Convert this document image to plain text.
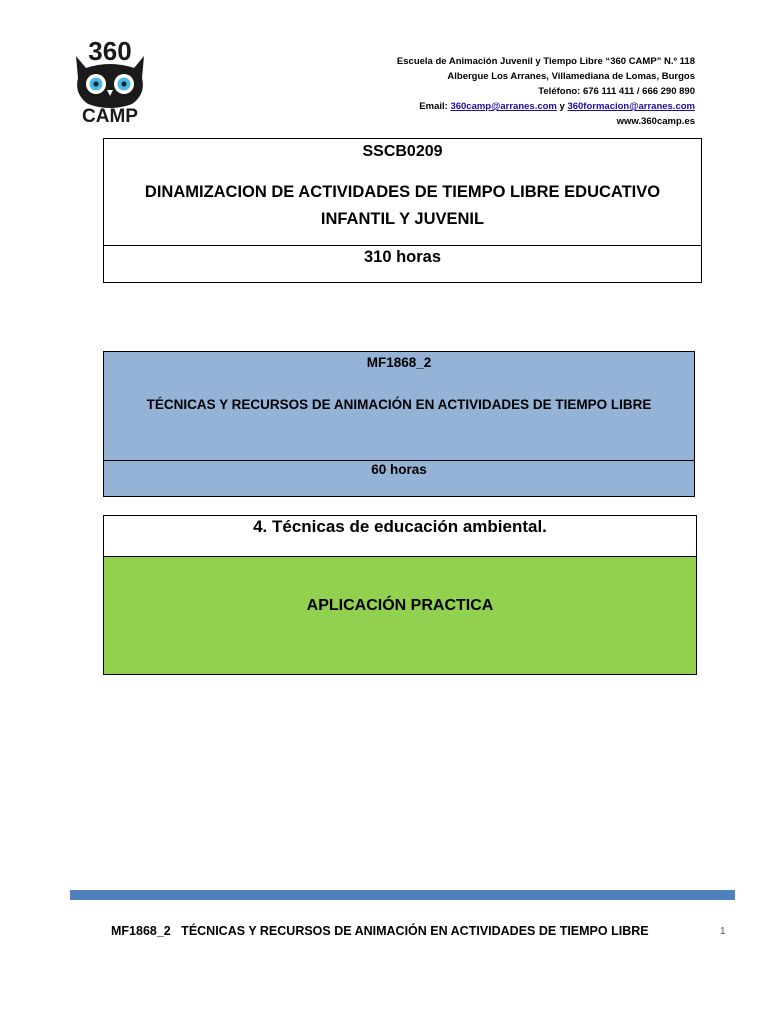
360
CAMP
Escuela de Animación Juvenil y Tiempo Libre “360 CAMP” N.º 118
Albergue Los Arranes, Villamediana de Lomas, Burgos
Teléfono: 676 111 411 / 666 290 890
Email: 360camp@arranes.com y 360formacion@arranes.com
www.360camp.es
SSCB0209
DINAMIZACION DE ACTIVIDADES DE TIEMPO LIBRE EDUCATIVO INFANTIL Y JUVENIL
310 horas
MF1868_2
TÉCNICAS Y RECURSOS DE ANIMACIÓN EN ACTIVIDADES DE TIEMPO LIBRE
60 horas
4. Técnicas de educación ambiental.
APLICACIÓN PRACTICA
MF1868_2   TÉCNICAS Y RECURSOS DE ANIMACIÓN EN ACTIVIDADES DE TIEMPO LIBRE	1
